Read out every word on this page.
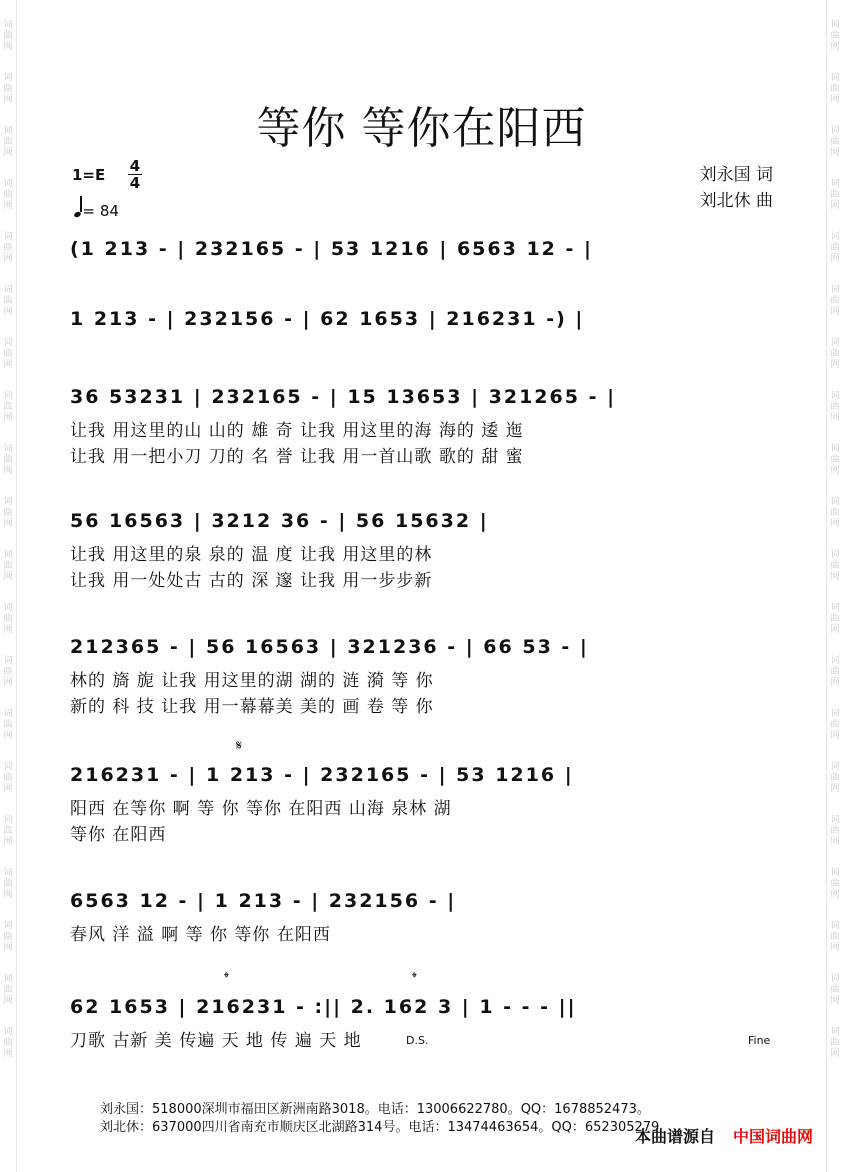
词
曲
网
词
曲
网
词
曲
网
词
曲
网
词
曲
网
词
曲
网
词
曲
网
词
曲
网
词
曲
网
词
曲
网
词
曲
网
词
曲
网
词
曲
网
词
曲
网
词
曲
网
词
曲
网
词
曲
网
词
曲
网
词
曲
网
词
曲
网
词
曲
网
词
曲
网
词
曲
网
词
曲
网
词
曲
网
词
曲
网
词
曲
网
词
曲
网
词
曲
网
词
曲
网
词
曲
网
词
曲
网
词
曲
网
词
曲
网
词
曲
网
词
曲
网
词
曲
网
词
曲
网
词
曲
网
词
曲
网
等你 等你在阳西
1=E 4
4
= 84
刘永国 词
刘北休 曲
(1 213 - | 232165 - | 53 1216 | 6563 12 - |
1 213 - | 232156 - | 62 1653 | 216231 -) |
36 53231 | 232165 - | 15 13653 | 321265 - |
让我 用这里的山 山的 雄 奇 让我 用这里的海 海的 逶 迤
让我 用一把小刀 刀的 名 誉 让我 用一首山歌 歌的 甜 蜜
56 16563 | 3212 36 - | 56 15632 |
让我 用这里的泉 泉的 温 度 让我 用这里的林
让我 用一处处古 古的 深 邃 让我 用一步步新
212365 - | 56 16563 | 321236 - | 66 53 - |
林的 旖 旎 让我 用这里的湖 湖的 涟 漪 等 你
新的 科 技 让我 用一幕幕美 美的 画 卷 等 你
𝄋
216231 - | 1 213 - | 232165 - | 53 1216 |
阳西 在等你 啊 等 你 等你 在阳西 山海 泉林 湖
等你 在阳西
6563 12 - | 1 213 - | 232156 - |
春风 洋 溢 啊 等 你 等你 在阳西
𝄌	𝄌
62 1653 | 216231 - :|| 2. 162 3 | 1 - - - ||
刀歌 古新 美 传遍 天 地 传 遍 天 地	D.S.	Fine
刘永国：518000深圳市福田区新洲南路3018。电话：13006622780。QQ：1678852473。
刘北休：637000四川省南充市顺庆区北湖路314号。电话：13474463654。QQ：652305279
本曲谱源自 中国词曲网
